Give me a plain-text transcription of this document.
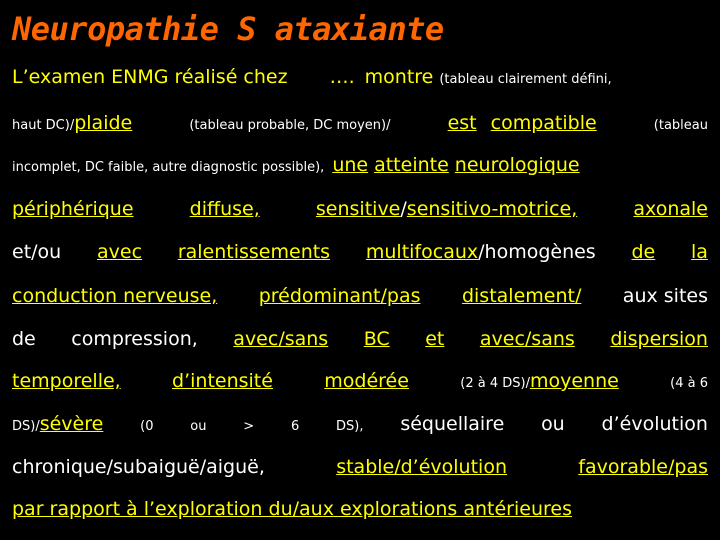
Neuropathie S ataxiante
L’examen ENMG réalisé chez …. montre (tableau clairement défini,
haut DC)/plaide	(tableau probable, DC moyen)/	est compatible	(tableau
incomplet, DC faible, autre diagnostic possible), une atteinte neurologique
périphérique	diffuse,	sensitive/sensitivo-motrice,	axonale
et/ou avec ralentissements multifocaux/homogènes de la
conduction nerveuse, prédominant/pas distalement/ aux sites
de compression, avec/sans BC et avec/sans dispersion
temporelle,	d’intensité	modérée	(2 à 4 DS)/moyenne	(4 à 6
DS)/sévère	(0	ou	>	6	DS), séquellaire ou d’évolution
chronique/subaiguë/aiguë,	stable/d’évolution	favorable/pas
par rapport à l’exploration du/aux explorations antérieures
